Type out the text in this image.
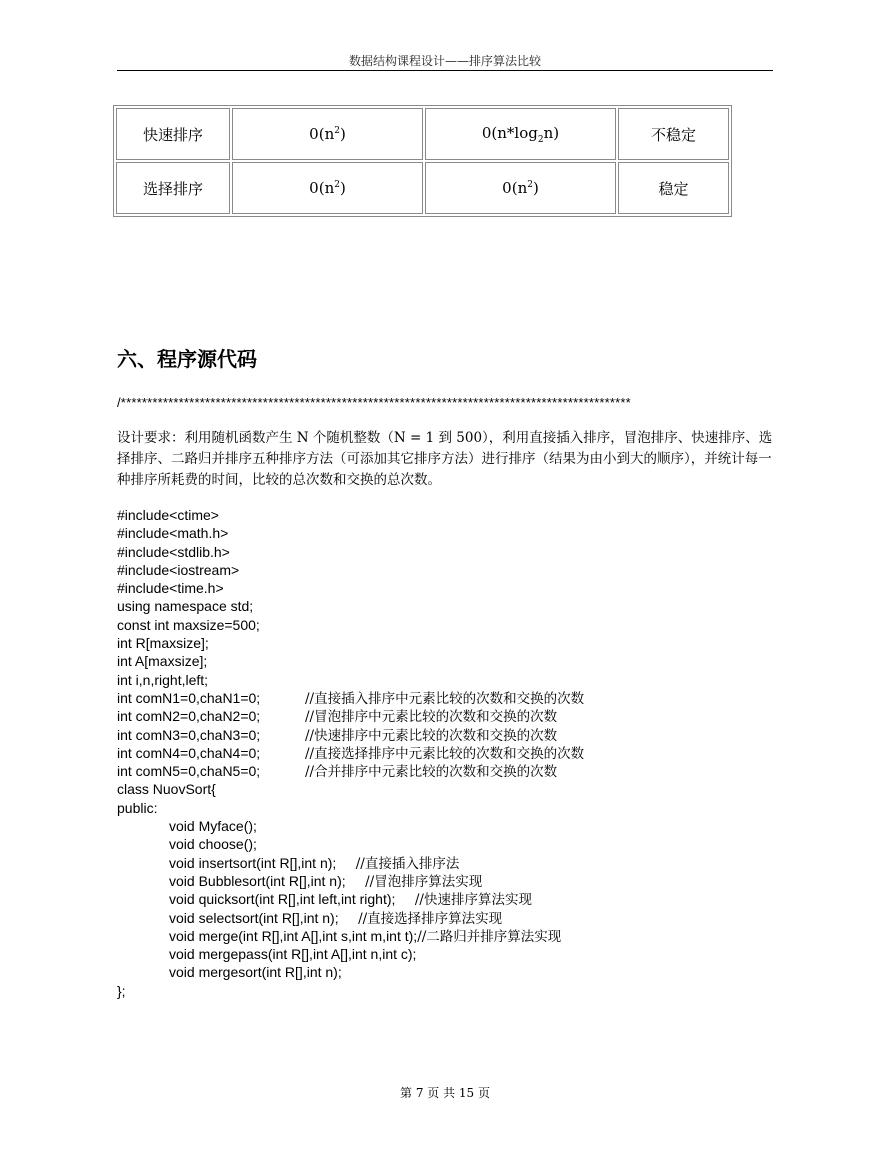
数据结构课程设计——排序算法比较
快速排序	$0(n^2)$	$0(n*\log_2n)$	不稳定
选择排序	$0(n^2)$	$0(n^2)$	稳定
六、程序源代码
/*************************************************************************************************
设计要求：利用随机函数产生 N 个随机整数（N = 1 到 500），利用直接插入排序，冒泡排序、快速排序、选择排序、二路归并排序五种排序方法（可添加其它排序方法）进行排序（结果为由小到大的顺序），并统计每一种排序所耗费的时间，比较的总次数和交换的总次数。
#include<ctime>
#include<math.h>
#include<stdlib.h>
#include<iostream>
#include<time.h>
using namespace std;
const int maxsize=500;
int R[maxsize];
int A[maxsize];
int i,n,right,left;
int comN1=0,chaN1=0;	//直接插入排序中元素比较的次数和交换的次数
int comN2=0,chaN2=0;	//冒泡排序中元素比较的次数和交换的次数
int comN3=0,chaN3=0;	//快速排序中元素比较的次数和交换的次数
int comN4=0,chaN4=0;	//直接选择排序中元素比较的次数和交换的次数
int comN5=0,chaN5=0;	//合并排序中元素比较的次数和交换的次数
class NuovSort{
public:
void Myface();
void choose();
void insertsort(int R[],int n);     //直接插入排序法
void Bubblesort(int R[],int n);     //冒泡排序算法实现
void quicksort(int R[],int left,int right);     //快速排序算法实现
void selectsort(int R[],int n);     //直接选择排序算法实现
void merge(int R[],int A[],int s,int m,int t);//二路归并排序算法实现
void mergepass(int R[],int A[],int n,int c);
void mergesort(int R[],int n);
};
第 7 页 共 15 页
